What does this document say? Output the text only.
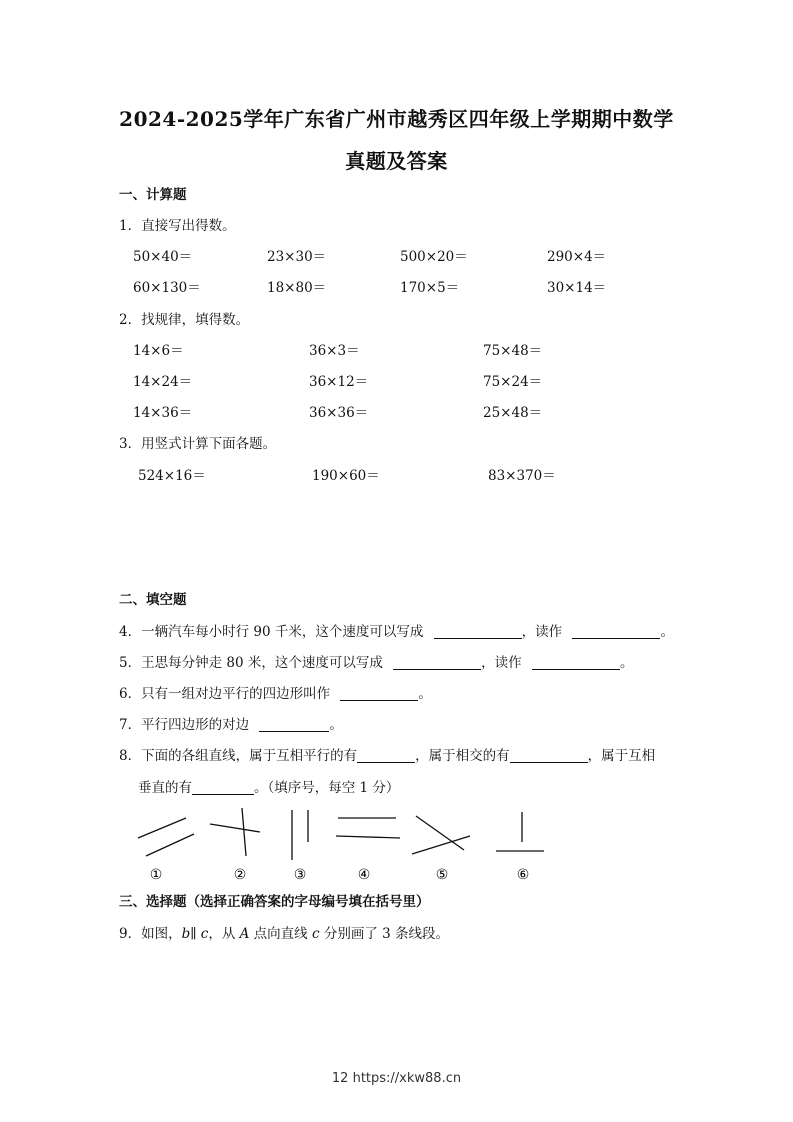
2024-2025学年广东省广州市越秀区四年级上学期期中数学
真题及答案
一、计算题
1．直接写出得数。
50×40＝	23×30＝	500×20＝	290×4＝
60×130＝	18×80＝	170×5＝	30×14＝
2．找规律，填得数。
14×6＝	36×3＝	75×48＝
14×24＝	36×12＝	75×24＝
14×36＝	36×36＝	25×48＝
3．用竖式计算下面各题。
524×16＝	190×60＝	83×370＝
二、填空题
4．一辆汽车每小时行 90 千米，这个速度可以写成	，读作	。
5．王思每分钟走 80 米，这个速度可以写成	，读作	。
6．只有一组对边平行的四边形叫作	。
7．平行四边形的对边	。
8．下面的各组直线，属于互相平行的有	，属于相交的有	，属于互相
垂直的有	。（填序号，每空 1 分）
①	②	③	④	⑤	⑥
三、选择题（选择正确答案的字母编号填在括号里）
9．如图，b∥ c，从 A 点向直线 c 分别画了 3 条线段。
12 https://xkw88.cn
